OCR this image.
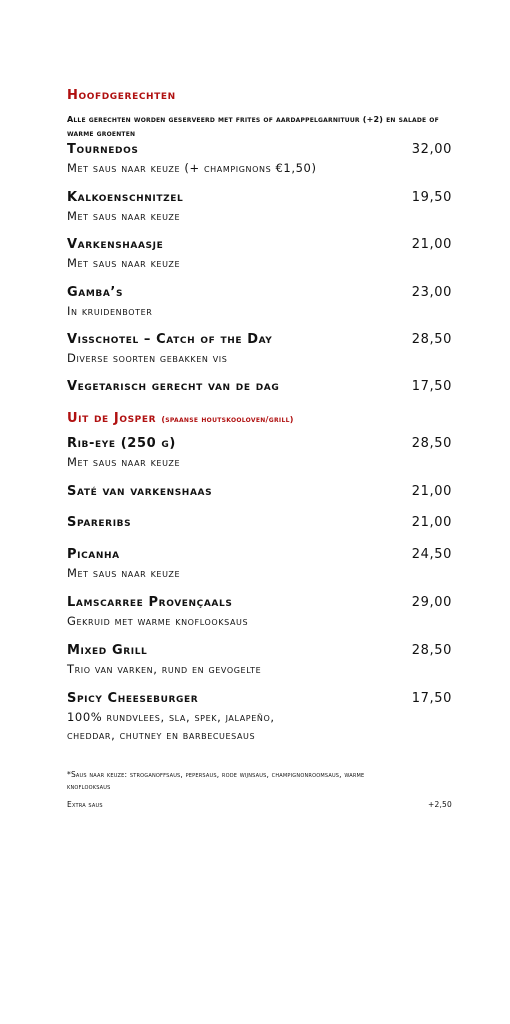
Hoofdgerechten
Alle gerechten worden geserveerd met frites of aardappelgarnituur (+2) en salade of warme groenten
Tournedos	32,00
Met saus naar keuze (+ champignons €1,50)
Kalkoenschnitzel	19,50
Met saus naar keuze
Varkenshaasje	21,00
Met saus naar keuze
Gamba’s	23,00
In kruidenboter
Visschotel – Catch of the Day	28,50
Diverse soorten gebakken vis
Vegetarisch gerecht van de dag	17,50
Uit de Josper (spaanse houtskooloven/grill)
Rib-eye (250 g)	28,50
Met saus naar keuze
Saté van varkenshaas	21,00
Spareribs	21,00
Picanha	24,50
Met saus naar keuze
Lamscarree Provençaals	29,00
Gekruid met warme knoflooksaus
Mixed Grill	28,50
Trio van varken, rund en gevogelte
Spicy Cheeseburger	17,50
100% rundvlees, sla, spek, jalapeño,
cheddar, chutney en barbecuesaus
*Saus naar keuze: stroganoffsaus, pepersaus, rode wijnsaus, champignonroomsaus, warme knoflooksaus
Extra saus	+2,50
